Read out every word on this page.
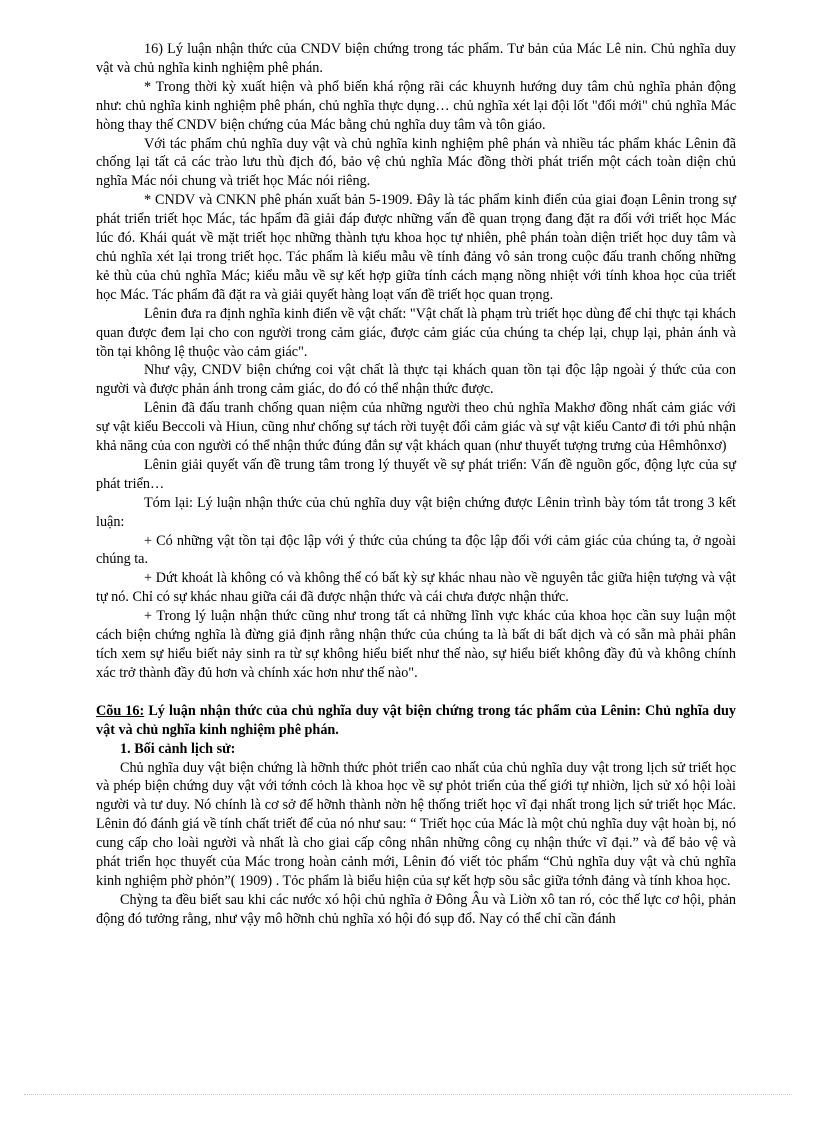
16) Lý luận nhận thức của CNDV biện chứng trong tác phẩm. Tư bản của Mác Lê nin. Chủ nghĩa duy vật và chủ nghĩa kinh nghiệm phê phán.

* Trong thời kỳ xuất hiện và phổ biến khá rộng rãi các khuynh hướng duy tâm chủ nghĩa phản động như: chủ nghĩa kinh nghiệm phê phán, chủ nghĩa thực dụng… chủ nghĩa xét lại đội lốt "đổi mới" chủ nghĩa Mác hòng thay thế CNDV biện chứng của Mác bằng chủ nghĩa duy tâm và tôn giáo.

Với tác phẩm chủ nghĩa duy vật và chủ nghĩa kinh nghiệm phê phán và nhiều tác phẩm khác Lênin đã chống lại tất cả các trào lưu thù địch đó, bảo vệ chủ nghĩa Mác đồng thời phát triển một cách toàn diện chủ nghĩa Mác nói chung và triết học Mác nói riêng.

* CNDV và CNKN phê phán xuất bản 5-1909. Đây là tác phẩm kinh điển của giai đoạn Lênin trong sự phát triển triết học Mác, tác hpẩm đã giải đáp được những vấn đề quan trọng đang đặt ra đối với triết học Mác lúc đó. Khái quát về mặt triết học những thành tựu khoa học tự nhiên, phê phán toàn diện triết học duy tâm và chủ nghĩa xét lại trong triết học. Tác phẩm là kiểu mẫu về tính đảng vô sản trong cuộc đấu tranh chống những kẻ thù của chủ nghĩa Mác; kiểu mẫu về sự kết hợp giữa tính cách mạng nồng nhiệt với tính khoa học của triết học Mác. Tác phẩm đã đặt ra và giải quyết hàng loạt vấn đề triết học quan trọng.

Lênin đưa ra định nghĩa kinh điển về vật chất: "Vật chất là phạm trù triết học dùng để chỉ thực tại khách quan được đem lại cho con người trong cảm giác, được cảm giác của chúng ta chép lại, chụp lại, phản ánh và tồn tại không lệ thuộc vào cảm giác".

Như vậy, CNDV biện chứng coi vật chất là thực tại khách quan tồn tại độc lập ngoài ý thức của con người và được phản ánh trong cảm giác, do đó có thể nhận thức được.

Lênin đã đấu tranh chống quan niệm của những người theo chủ nghĩa Makhơ đồng nhất cảm giác với sự vật kiểu Beccoli và Hiun, cũng như chống sự tách rời tuyệt đối cảm giác và sự vật kiểu Cantơ đi tới phủ nhận khả năng của con người có thể nhận thức đúng đắn sự vật khách quan (như thuyết tượng trưng của Hêmhônxơ)

Lênin giải quyết vấn đề trung tâm trong lý thuyết về sự phát triển: Vấn đề nguồn gốc, động lực của sự phát triển…

Tóm lại: Lý luận nhận thức của chủ nghĩa duy vật biện chứng được Lênin trình bày tóm tắt trong 3 kết luận:

+ Có những vật tồn tại độc lập với ý thức của chúng ta độc lập đối với cảm giác của chúng ta, ở ngoài chúng ta.

+ Dứt khoát là không có và không thể có bất kỳ sự khác nhau nào về nguyên tắc giữa hiện tượng và vật tự nó. Chỉ có sự khác nhau giữa cái đã được nhận thức và cái chưa được nhận thức.

+ Trong lý luận nhận thức cũng như trong tất cả những lĩnh vực khác của khoa học cần suy luận một cách biện chứng nghĩa là đừng giả định rằng nhận thức của chúng ta là bất di bất dịch và có sẵn mà phải phân tích xem sự hiểu biết nảy sinh ra từ sự không hiểu biết như thế nào, sự hiểu biết không đầy đủ và không chính xác trở thành đầy đủ hơn và chính xác hơn như thế nào".

Cõu 16: Lý luận nhận thức của chủ nghĩa duy vật biện chứng trong tác phẩm của Lênin: Chủ nghĩa duy vật và chủ nghĩa kinh nghiệm phê phán.

1. Bối cảnh lịch sử:

Chủ nghĩa duy vật biện chứng là hỡnh thức phỏt triển cao nhất của chủ nghĩa duy vật trong lịch sử triết học và phép biện chứng duy vật với tớnh cỏch là khoa học về sự phỏt triển của thế giới tự nhiờn, lịch sử xó hội loài người và tư duy. Nó chính là cơ sở để hỡnh thành nờn hệ thống triết học vĩ đại nhất trong lịch sử triết học Mác. Lênin đó đánh giá về tính chất triết để của nó như sau: “ Triết học của Mác là một chủ nghĩa duy vật hoàn bị, nó cung cấp cho loài người và nhất là cho giai cấp công nhân những công cụ nhận thức vĩ đại.” và để bảo vệ và phát triển học thuyết của Mác trong hoàn cảnh mới, Lênin đó viết tỏc phẩm “Chủ nghĩa duy vật và chủ nghĩa kinh nghiệm phờ phỏn”( 1909) . Tỏc phẩm là biểu hiện của sự kết hợp sõu sắc giữa tớnh đảng và tính khoa học.

Chỳng ta đều biết sau khi các nước xó hội chủ nghĩa ở Đông Âu và Liờn xô tan ró, cỏc thế lực cơ hội, phản động đó tưởng rằng, như vậy mô hỡnh chủ nghĩa xó hội đó sụp đổ. Nay có thể chỉ cần đánh
